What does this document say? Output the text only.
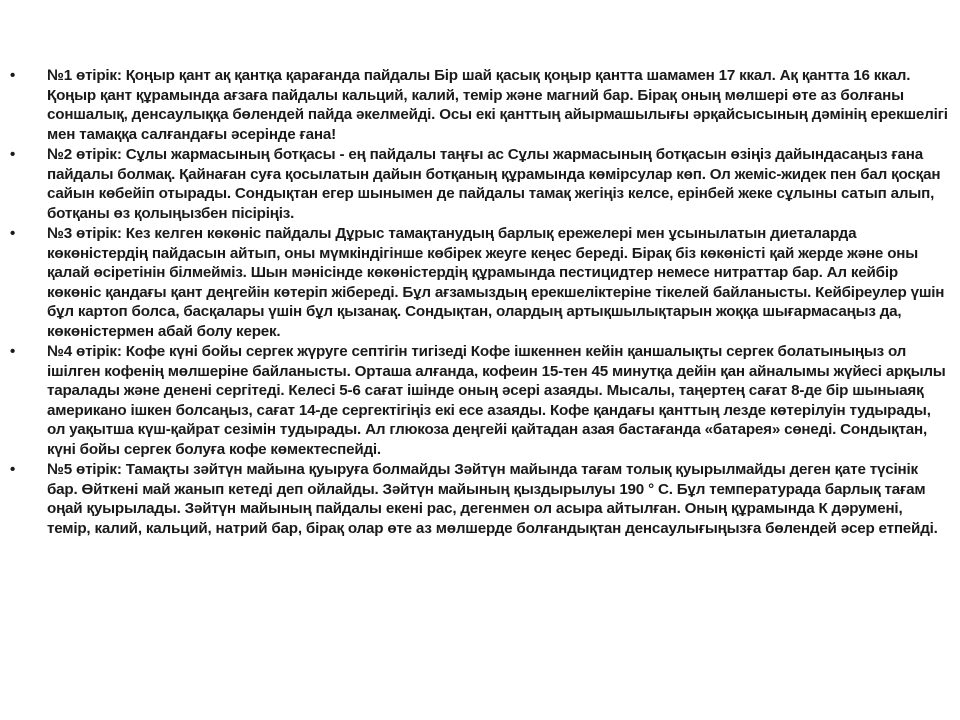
•	№1 өтірік: Қоңыр қант ақ қантқа қарағанда пайдалы Бір шай қасық қоңыр қантта шамамен 17 ккал. Ақ қантта 16 ккал. Қоңыр қант құрамында ағзаға пайдалы кальций, калий, темір және магний бар. Бірақ оның мөлшері өте аз болғаны соншалық, денсаулыққа бөлендей пайда әкелмейді. Осы екі қанттың айырмашылығы әрқайсысының дәмінің ерекшелігі мен тамаққа салғандағы әсерінде ғана!
•	№2 өтірік: Сұлы жармасының ботқасы - ең пайдалы таңғы ас Сұлы жармасының ботқасын өзіңіз дайындасаңыз ғана пайдалы болмақ. Қайнаған суға қосылатын дайын ботқаның құрамында көмірсулар көп. Ол жеміс-жидек пен бал қосқан сайын көбейіп отырады. Сондықтан егер шынымен де пайдалы тамақ жегіңіз келсе, ерінбей жеке сұлыны сатып алып, ботқаны өз қолыңызбен пісіріңіз.
•	№3 өтірік: Кез келген көкөніс пайдалы Дұрыс тамақтанудың барлық ережелері мен ұсынылатын диеталарда көкөністердің пайдасын айтып, оны мүмкіндігінше көбірек жеуге кеңес береді. Бірақ біз көкөністі қай жерде және оны қалай өсіретінін білмейміз. Шын мәнісінде көкөністердің құрамында пестицидтер немесе нитраттар бар. Ал кейбір көкөніс қандағы қант деңгейін көтеріп жібереді. Бұл ағзамыздың ерекшеліктеріне тікелей байланысты. Кейбіреулер үшін бұл картоп болса, басқалары үшін бұл қызанақ. Сондықтан, олардың артықшылықтарын жоққа шығармасаңыз да, көкөністермен абай болу керек.
•	№4 өтірік: Кофе күні бойы сергек жүруге септігін тигізеді Кофе ішкеннен кейін қаншалықты сергек болатыныңыз ол ішілген кофенің мөлшеріне байланысты. Орташа алғанда, кофеин 15-тен 45 минутқа дейін қан айналымы жүйесі арқылы таралады және денені сергітеді. Келесі 5-6 сағат ішінде оның әсері азаяды. Мысалы, таңертең сағат 8-де бір шыныаяқ американо ішкен болсаңыз, сағат 14-де сергектігіңіз екі есе азаяды. Кофе қандағы қанттың лезде көтерілуін тудырады, ол уақытша күш-қайрат сезімін тудырады. Ал глюкоза деңгейі қайтадан азая бастағанда «батарея» сөнеді. Сондықтан, күні бойы сергек болуға кофе көмектеспейді.
•	№5 өтірік: Тамақты зәйтүн майына қуыруға болмайды Зәйтүн майында тағам толық қуырылмайды деген қате түсінік бар. Өйткені май жанып кетеді деп ойлайды. Зәйтүн майының қыздырылуы 190 ° С. Бұл температурада барлық тағам оңай қуырылады. Зәйтүн майының пайдалы екені рас, дегенмен ол асыра айтылған. Оның құрамында К дәрумені, темір, калий, кальций, натрий бар, бірақ олар өте аз мөлшерде болғандықтан денсаулығыңызға бөлендей әсер етпейді.
